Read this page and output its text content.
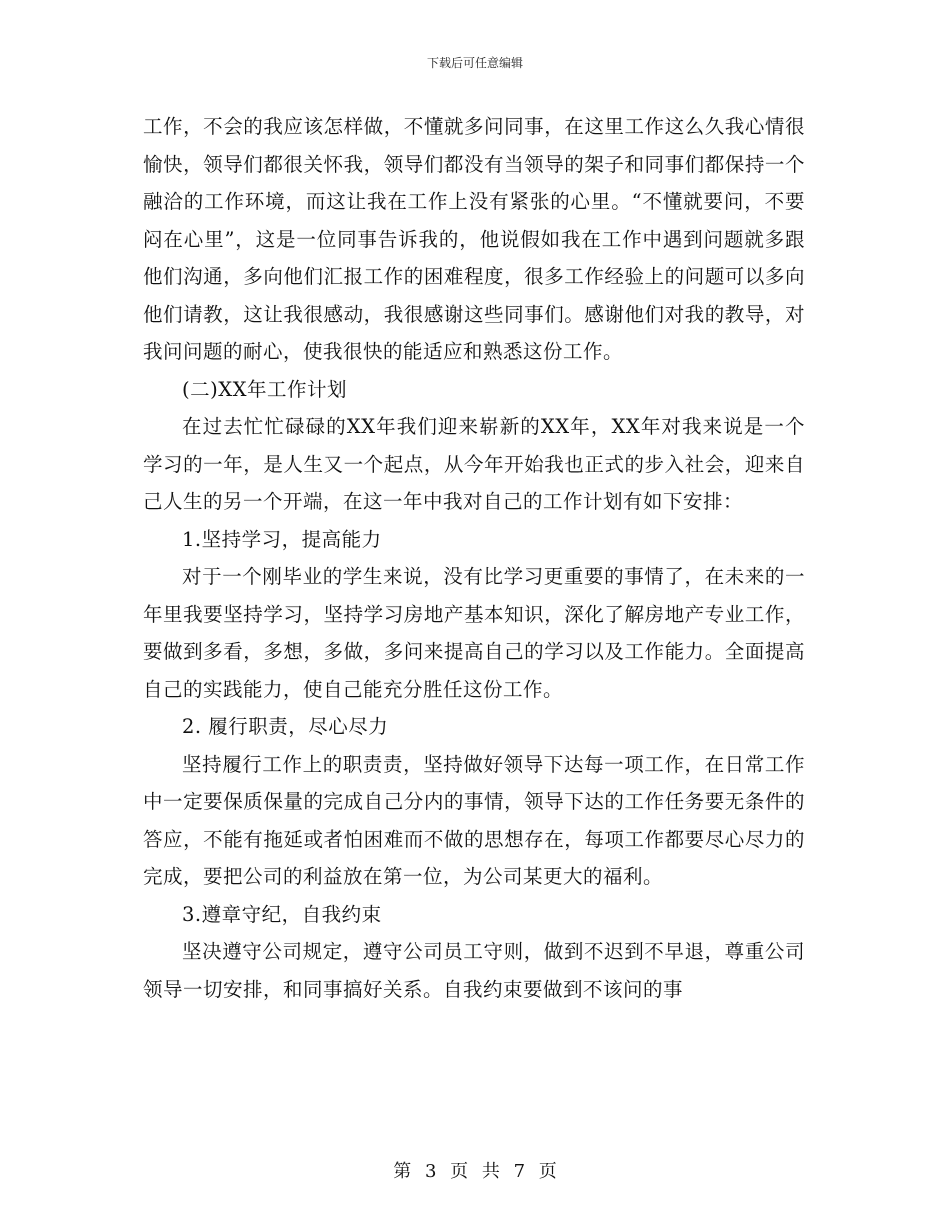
下载后可任意编辑

工作，不会的我应该怎样做，不懂就多问同事，在这里工作这么久我心情很愉快，领导们都很关怀我，领导们都没有当领导的架子和同事们都保持一个融洽的工作环境，而这让我在工作上没有紧张的心里。“不懂就要问，不要闷在心里”，这是一位同事告诉我的，他说假如我在工作中遇到问题就多跟他们沟通，多向他们汇报工作的困难程度，很多工作经验上的问题可以多向他们请教，这让我很感动，我很感谢这些同事们。感谢他们对我的教导，对我问问题的耐心，使我很快的能适应和熟悉这份工作。

(二)XX年工作计划

在过去忙忙碌碌的XX年我们迎来崭新的XX年，XX年对我来说是一个学习的一年，是人生又一个起点，从今年开始我也正式的步入社会，迎来自己人生的另一个开端，在这一年中我对自己的工作计划有如下安排：

1.坚持学习，提高能力

对于一个刚毕业的学生来说，没有比学习更重要的事情了，在未来的一年里我要坚持学习，坚持学习房地产基本知识，深化了解房地产专业工作，要做到多看，多想，多做，多问来提高自己的学习以及工作能力。全面提高自己的实践能力，使自己能充分胜任这份工作。

2. 履行职责，尽心尽力

坚持履行工作上的职责责，坚持做好领导下达每一项工作，在日常工作中一定要保质保量的完成自己分内的事情，领导下达的工作任务要无条件的答应，不能有拖延或者怕困难而不做的思想存在，每项工作都要尽心尽力的完成，要把公司的利益放在第一位，为公司某更大的福利。

3.遵章守纪，自我约束

坚决遵守公司规定，遵守公司员工守则，做到不迟到不早退，尊重公司领导一切安排，和同事搞好关系。自我约束要做到不该问的事

第 3 页 共 7 页
